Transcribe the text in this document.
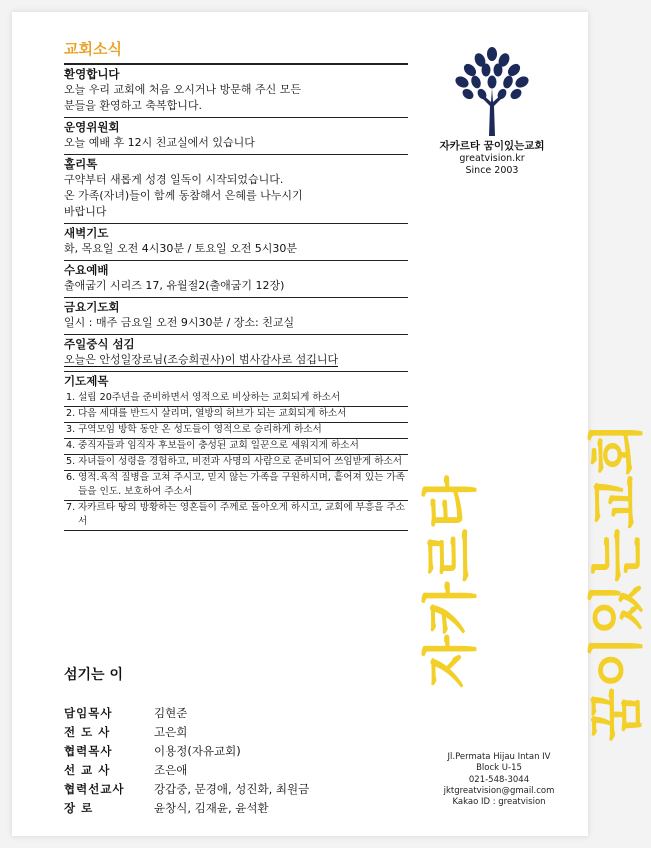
교회소식
환영합니다
오늘 우리 교회에 처음 오시거나 방문해 주신 모든
분들을 환영하고 축복합니다.
운영위원회
오늘 예배 후 12시 친교실에서 있습니다
홀리톡
구약부터 새롭게 성경 일독이 시작되었습니다.
온 가족(자녀)들이 함께 동참해서 은혜를 나누시기
바랍니다
새벽기도
화, 목요일 오전 4시30분 / 토요일 오전 5시30분
수요예배
출애굽기 시리즈 17, 유월절2(출애굽기 12장)
금요기도회
일시 : 매주 금요일 오전 9시30분 / 장소: 친교실
주일중식 섬김
오늘은 안성일장로님(조승희권사)이 범사감사로 섬깁니다
기도제목
1. 설립 20주년을 준비하면서 영적으로 비상하는 교회되게 하소서
2. 다음 세대를 반드시 살리며, 열방의 허브가 되는 교회되게 하소서
3. 구역모임 방학 동안 온 성도들이 영적으로 승리하게 하소서
4. 중직자들과 임직자 후보들이 충성된 교회 일꾼으로 세워지게 하소서
5. 자녀들이 성령을 경험하고, 비전과 사명의 사람으로 준비되어 쓰임받게 하소서
6. 영적.육적 질병을 고쳐 주시고, 믿지 않는 가족을 구원하시며, 흩어져 있는 가족들을 인도. 보호하여 주소서
7. 자카르타 땅의 방황하는 영혼들이 주께로 돌아오게 하시고, 교회에 부흥을 주소서
섬기는 이
담임목사	김현준
전 도 사	고은희
협력목사	이용정(자유교회)
선 교 사	조은애
협력선교사	강갑중, 문경애, 성진화, 최원금
장 로	윤창식, 김재윤, 윤석환
자카르타 꿈이있는교회
greatvision.kr
Since 2003
자카르타 꿈이있는교회
Jl.Permata Hijau Intan IV
Block U-15
021-548-3044
jktgreatvision@gmail.com
Kakao ID : greatvision
